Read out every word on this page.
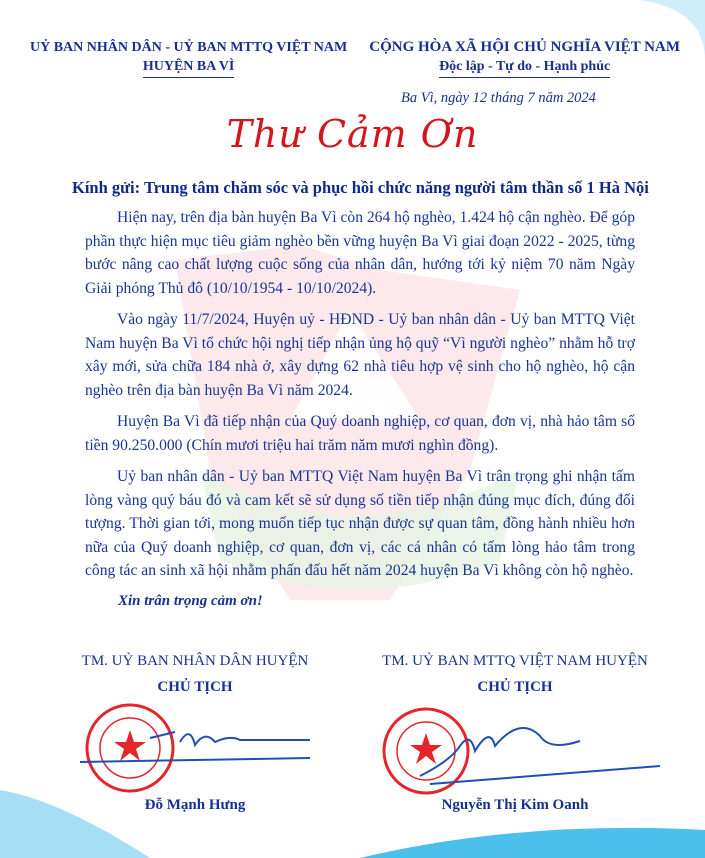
UỶ BAN NHÂN DÂN - UỶ BAN MTTQ VIỆT NAM
HUYỆN BA VÌ
CỘNG HÒA XÃ HỘI CHỦ NGHĨA VIỆT NAM
Độc lập - Tự do - Hạnh phúc
Ba Vì, ngày 12 tháng 7 năm 2024
Thư Cảm Ơn
Kính gửi: Trung tâm chăm sóc và phục hồi chức năng người tâm thần số 1 Hà Nội

Hiện nay, trên địa bàn huyện Ba Vì còn 264 hộ nghèo, 1.424 hộ cận nghèo. Để góp phần thực hiện mục tiêu giảm nghèo bền vững huyện Ba Vì giai đoạn 2022 - 2025, từng bước nâng cao chất lượng cuộc sống của nhân dân, hướng tới kỷ niệm 70 năm Ngày Giải phóng Thủ đô (10/10/1954 - 10/10/2024).

Vào ngày 11/7/2024, Huyện uỷ - HĐND - Uỷ ban nhân dân - Uỷ ban MTTQ Việt Nam huyện Ba Vì tổ chức hội nghị tiếp nhận ủng hộ quỹ “Vì người nghèo” nhằm hỗ trợ xây mới, sửa chữa 184 nhà ở, xây dựng 62 nhà tiêu hợp vệ sinh cho hộ nghèo, hộ cận nghèo trên địa bàn huyện Ba Vì năm 2024.

Huyện Ba Vì đã tiếp nhận của Quý doanh nghiệp, cơ quan, đơn vị, nhà hảo tâm số tiền 90.250.000 (Chín mươi triệu hai trăm năm mươi nghìn đồng).

Uỷ ban nhân dân - Uỷ ban MTTQ Việt Nam huyện Ba Vì trân trọng ghi nhận tấm lòng vàng quý báu đó và cam kết sẽ sử dụng số tiền tiếp nhận đúng mục đích, đúng đối tượng. Thời gian tới, mong muốn tiếp tục nhận được sự quan tâm, đồng hành nhiều hơn nữa của Quý doanh nghiệp, cơ quan, đơn vị, các cá nhân có tấm lòng hảo tâm trong công tác an sinh xã hội nhằm phấn đấu hết năm 2024 huyện Ba Vì không còn hộ nghèo.

Xin trân trọng cảm ơn!
TM. UỶ BAN NHÂN DÂN HUYỆN
CHỦ TỊCH
TM. UỶ BAN MTTQ VIỆT NAM HUYỆN
CHỦ TỊCH
Đỗ Mạnh Hưng	Nguyễn Thị Kim Oanh
